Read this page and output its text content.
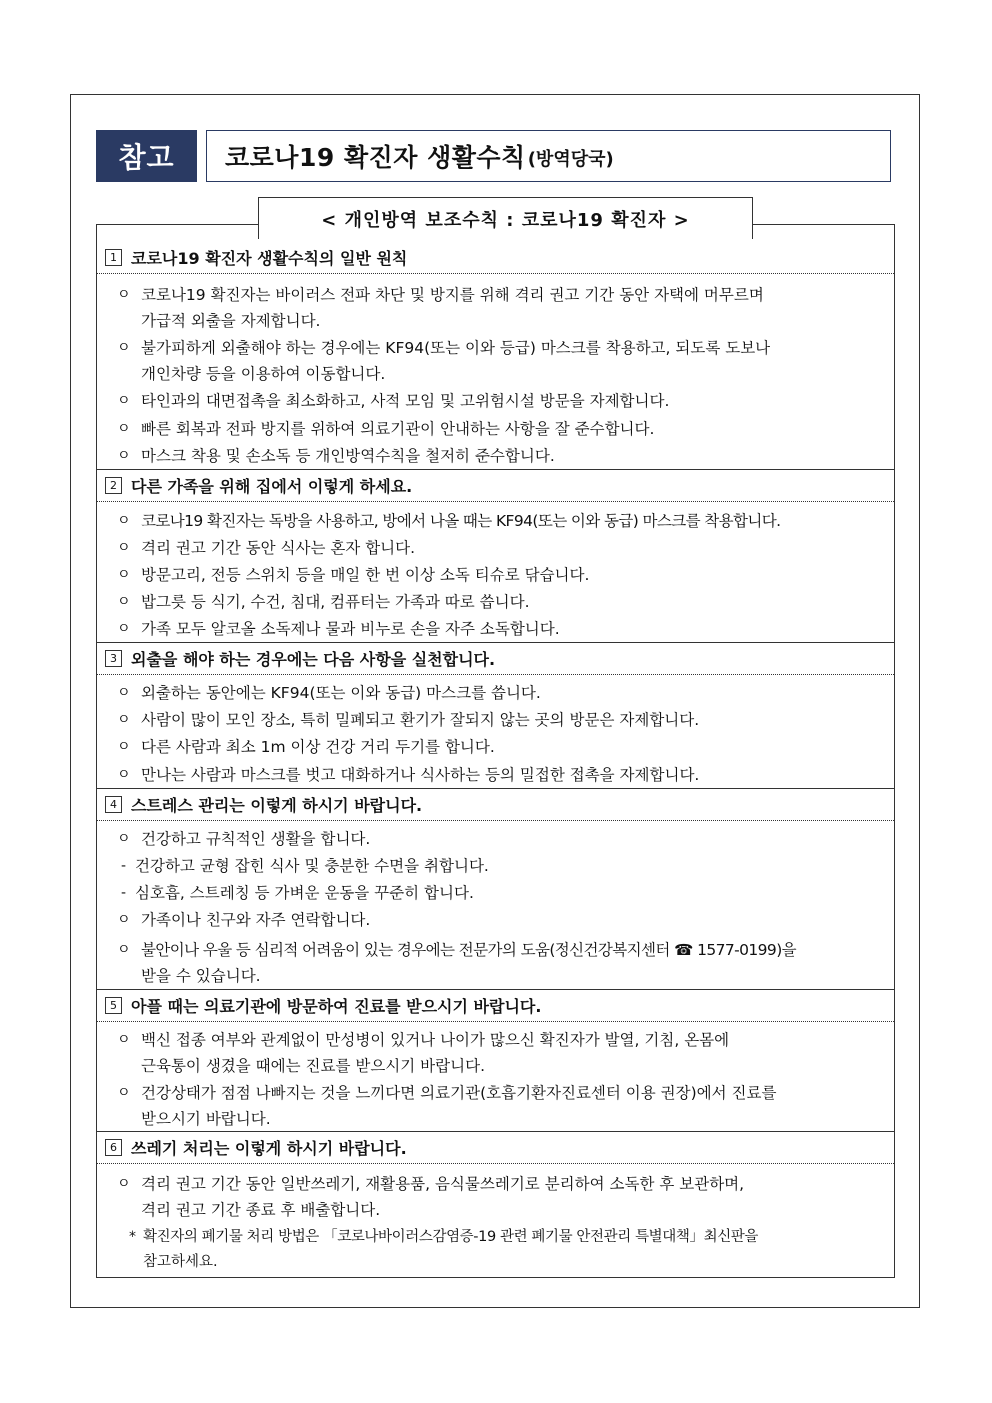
참고	코로나19 확진자 생활수칙 (방역당국)
< 개인방역 보조수칙 : 코로나19 확진자 >
1 코로나19 확진자 생활수칙의 일반 원칙
ㅇ 코로나19 확진자는 바이러스 전파 차단 및 방지를 위해 격리 권고 기간 동안 자택에 머무르며
가급적 외출을 자제합니다.
ㅇ 불가피하게 외출해야 하는 경우에는 KF94(또는 이와 등급) 마스크를 착용하고, 되도록 도보나
개인차량 등을 이용하여 이동합니다.
ㅇ 타인과의 대면접촉을 최소화하고, 사적 모임 및 고위험시설 방문을 자제합니다.
ㅇ 빠른 회복과 전파 방지를 위하여 의료기관이 안내하는 사항을 잘 준수합니다.
ㅇ 마스크 착용 및 손소독 등 개인방역수칙을 철저히 준수합니다.
2 다른 가족을 위해 집에서 이렇게 하세요.
ㅇ 코로나19 확진자는 독방을 사용하고, 방에서 나올 때는 KF94(또는 이와 동급) 마스크를 착용합니다.
ㅇ 격리 권고 기간 동안 식사는 혼자 합니다.
ㅇ 방문고리, 전등 스위치 등을 매일 한 번 이상 소독 티슈로 닦습니다.
ㅇ 밥그릇 등 식기, 수건, 침대, 컴퓨터는 가족과 따로 씁니다.
ㅇ 가족 모두 알코올 소독제나 물과 비누로 손을 자주 소독합니다.
3 외출을 해야 하는 경우에는 다음 사항을 실천합니다.
ㅇ 외출하는 동안에는 KF94(또는 이와 동급) 마스크를 씁니다.
ㅇ 사람이 많이 모인 장소, 특히 밀폐되고 환기가 잘되지 않는 곳의 방문은 자제합니다.
ㅇ 다른 사람과 최소 1m 이상 건강 거리 두기를 합니다.
ㅇ 만나는 사람과 마스크를 벗고 대화하거나 식사하는 등의 밀접한 접촉을 자제합니다.
4 스트레스 관리는 이렇게 하시기 바랍니다.
ㅇ 건강하고 규칙적인 생활을 합니다.
- 건강하고 균형 잡힌 식사 및 충분한 수면을 취합니다.
- 심호흡, 스트레칭 등 가벼운 운동을 꾸준히 합니다.
ㅇ 가족이나 친구와 자주 연락합니다.
ㅇ 불안이나 우울 등 심리적 어려움이 있는 경우에는 전문가의 도움(정신건강복지센터 ☎ 1577-0199)을
받을 수 있습니다.
5 아플 때는 의료기관에 방문하여 진료를 받으시기 바랍니다.
ㅇ 백신 접종 여부와 관계없이 만성병이 있거나 나이가 많으신 확진자가 발열, 기침, 온몸에
근육통이 생겼을 때에는 진료를 받으시기 바랍니다.
ㅇ 건강상태가 점점 나빠지는 것을 느끼다면 의료기관(호흡기환자진료센터 이용 권장)에서 진료를
받으시기 바랍니다.
6 쓰레기 처리는 이렇게 하시기 바랍니다.
ㅇ 격리 권고 기간 동안 일반쓰레기, 재활용품, 음식물쓰레기로 분리하여 소독한 후 보관하며,
격리 권고 기간 종료 후 배출합니다.
* 확진자의 폐기물 처리 방법은 「코로나바이러스감염증-19 관련 폐기물 안전관리 특별대책」최신판을
참고하세요.
